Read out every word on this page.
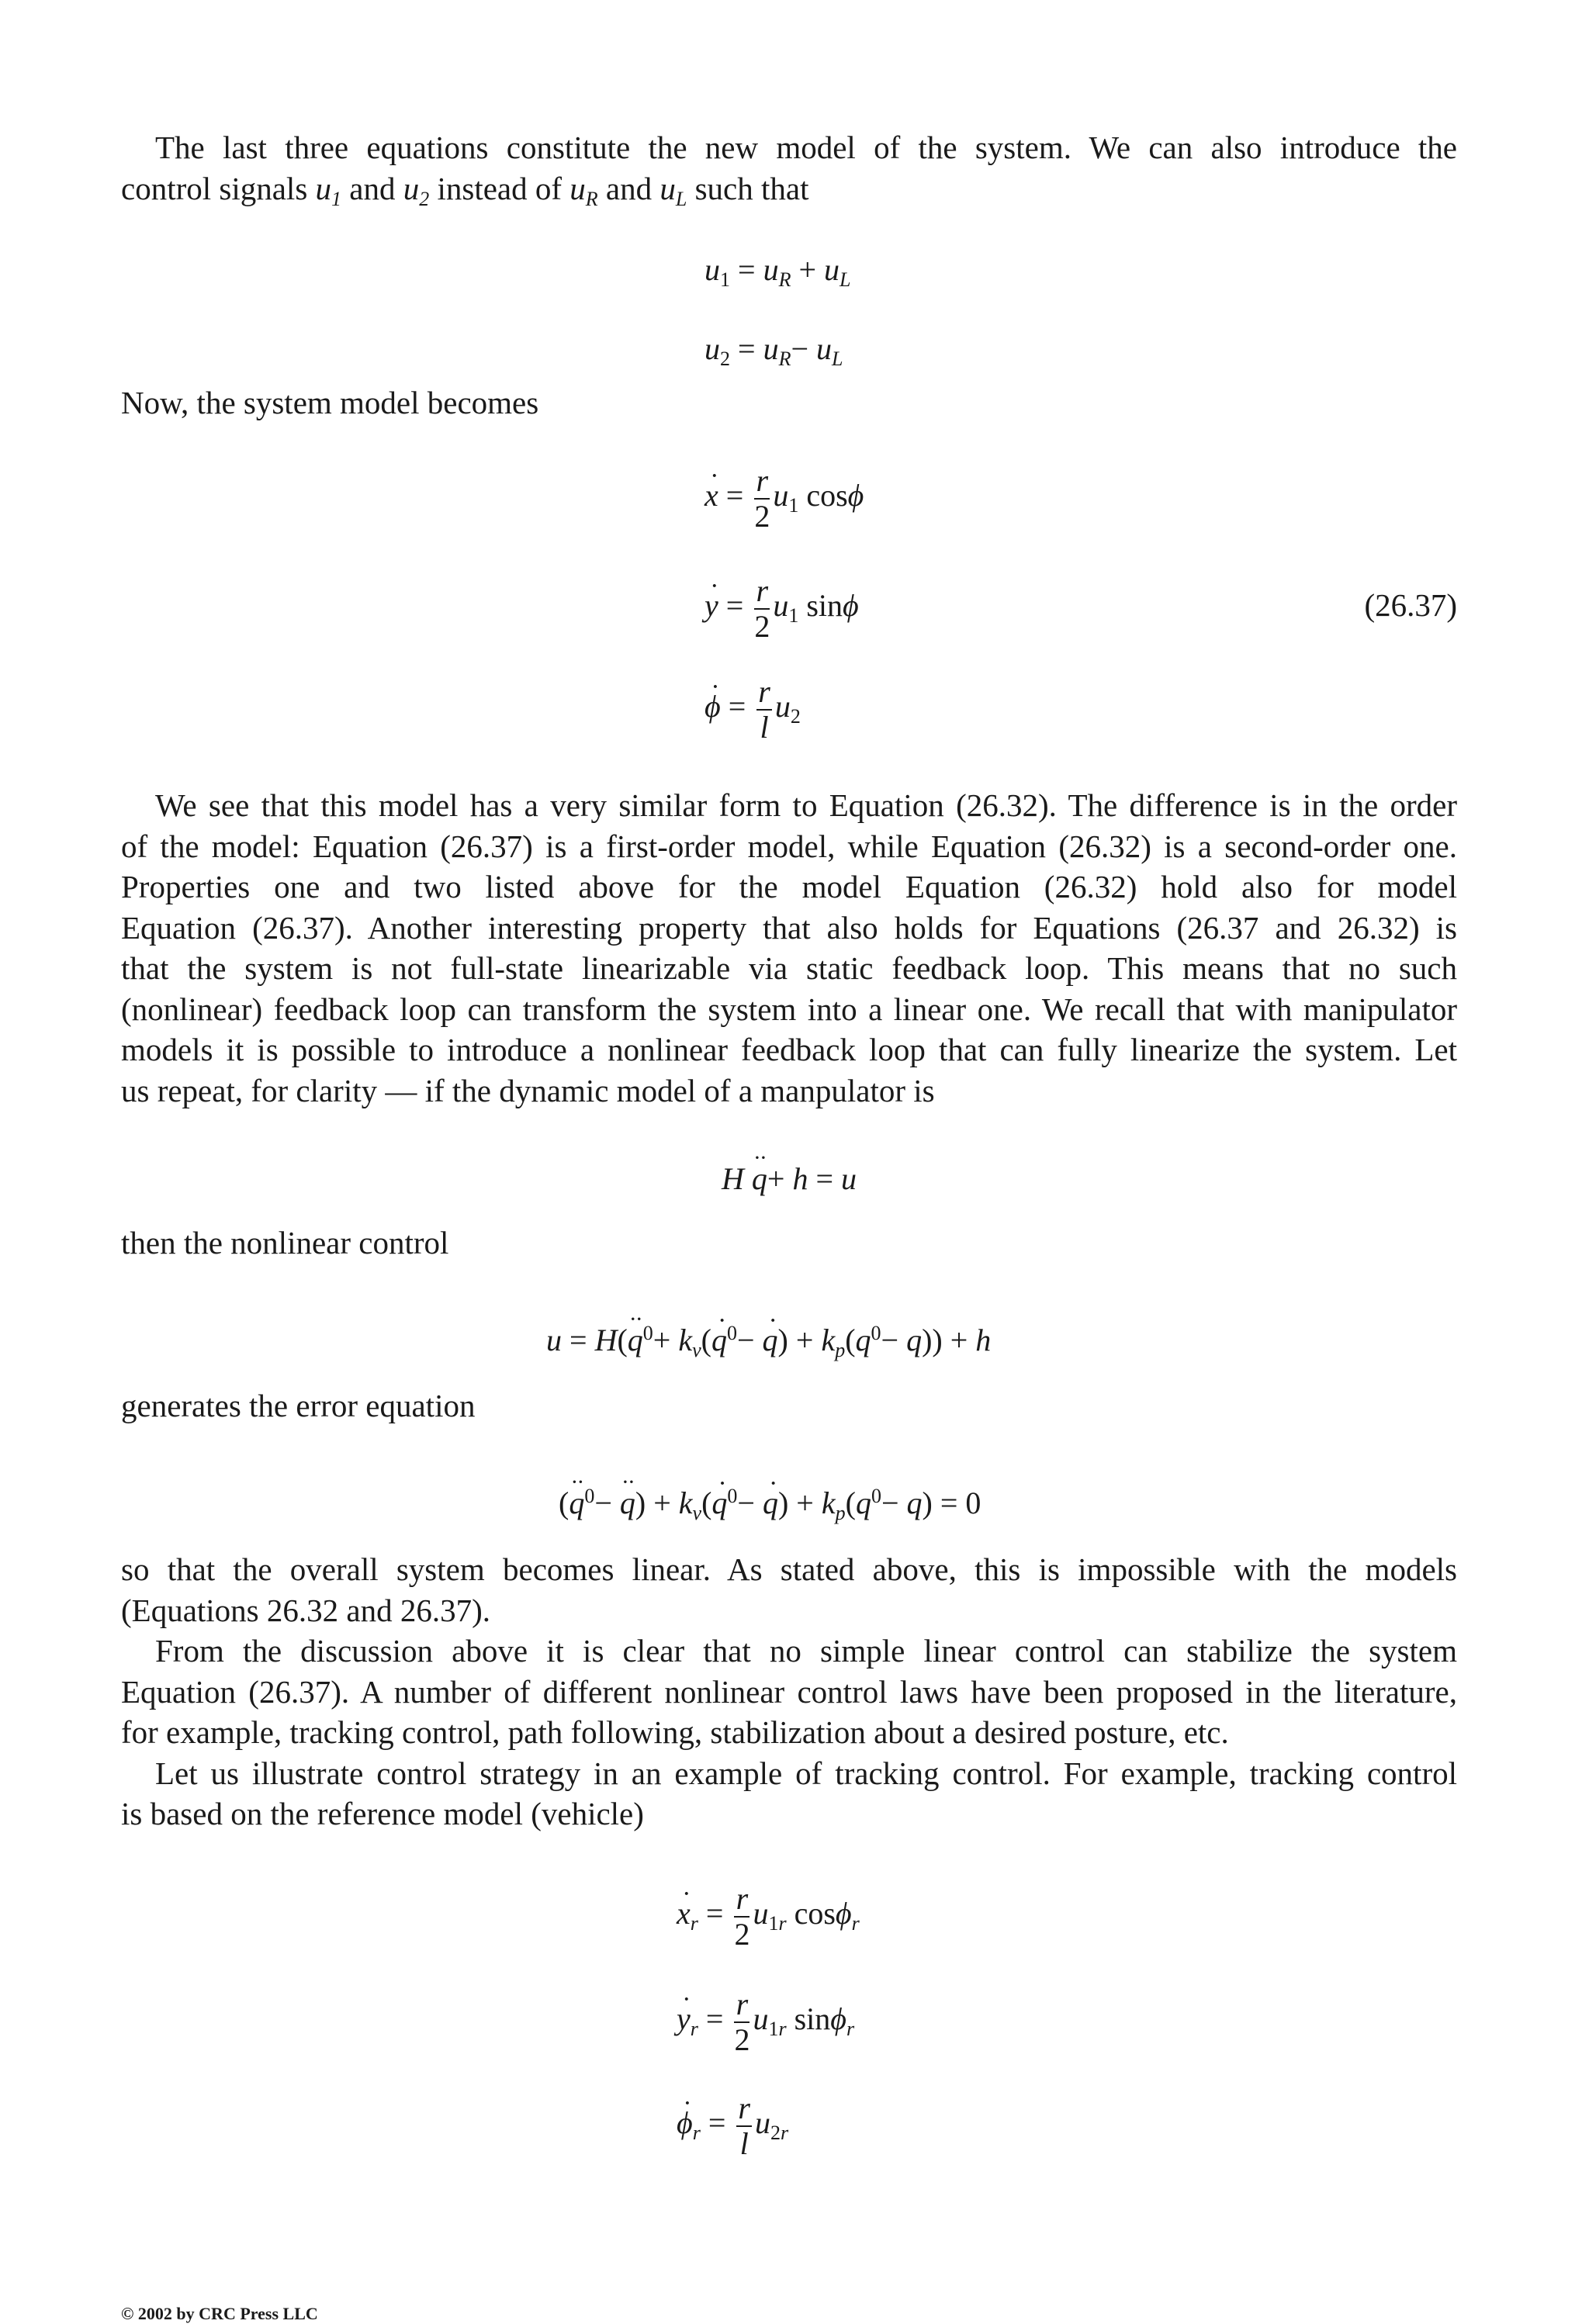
The last three equations constitute the new model of the system. We can also introduce the
control signals $u_1$ and $u_2$ instead of $u_R$ and $u_L$ such that
$u_1 = u_R + u_L$
$u_2 = u_R- u_L$
Now, the system model becomes
· $x = \frac{r}{2} u_1$ cosϕ
· $y = \frac{r}{2} u_1$ sinϕ	(26.37)
· $\phi = \frac{r}{l} u_2$
We see that this model has a very similar form to Equation (26.32). The difference is in the order
of the model: Equation (26.37) is a first-order model, while Equation (26.32) is a second-order one.
Properties one and two listed above for the model Equation (26.32) hold also for model
Equation (26.37). Another interesting property that also holds for Equations (26.37 and 26.32) is
that the system is not full-state linearizable via static feedback loop. This means that no such
(nonlinear) feedback loop can transform the system into a linear one. We recall that with manipulator
models it is possible to introduce a nonlinear feedback loop that can fully linearize the system. Let
us repeat, for clarity — if the dynamic model of a manpulator is
H ·· q+ h = u
then the nonlinear control
$u = H(\cdot\cdot q^0+ k_v(\cdot q^0- \cdot q) + k_p(q^0- q)) + h$
generates the error equation
(·· $q^0- \cdot\cdot q) + k_v(\cdot q^0- \cdot q) + k_p(q^0- q) = 0$
so that the overall system becomes linear. As stated above, this is impossible with the models
(Equations 26.32 and 26.37).
From the discussion above it is clear that no simple linear control can stabilize the system
Equation (26.37). A number of different nonlinear control laws have been proposed in the literature,
for example, tracking control, path following, stabilization about a desired posture, etc.
Let us illustrate control strategy in an example of tracking control. For example, tracking control
is based on the reference model (vehicle)
· $x_r = \frac{r}{2} u_{1r}$ cosϕ$_r$
· $y_r = \frac{r}{2} u_{1r}$ sinϕ$_r$
· $\phi_r = \frac{r}{l} u_{2r}$
© 2002 by CRC Press LLC
